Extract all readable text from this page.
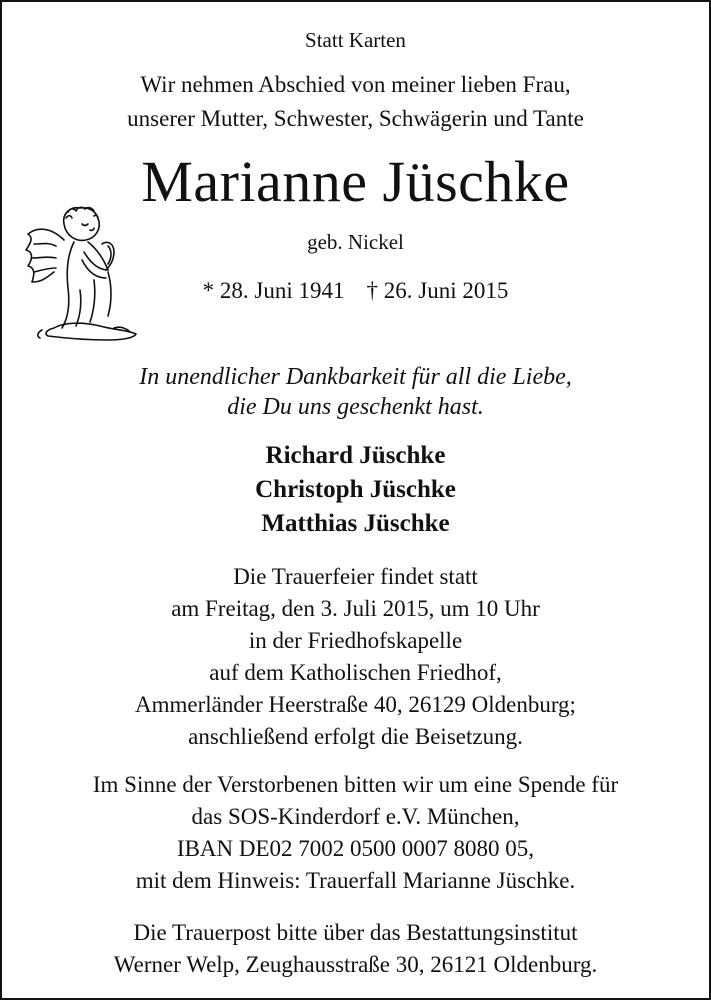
Statt Karten
Wir nehmen Abschied von meiner lieben Frau,
unserer Mutter, Schwester, Schwägerin und Tante
Marianne Jüschke
geb. Nickel
* 28. Juni 1941 † 26. Juni 2015
In unendlicher Dankbarkeit für all die Liebe,
die Du uns geschenkt hast.
Richard Jüschke
Christoph Jüschke
Matthias Jüschke
Die Trauerfeier findet statt
am Freitag, den 3. Juli 2015, um 10 Uhr
in der Friedhofskapelle
auf dem Katholischen Friedhof,
Ammerländer Heerstraße 40, 26129 Oldenburg;
anschließend erfolgt die Beisetzung.
Im Sinne der Verstorbenen bitten wir um eine Spende für
das SOS-Kinderdorf e.V. München,
IBAN DE02 7002 0500 0007 8080 05,
mit dem Hinweis: Trauerfall Marianne Jüschke.
Die Trauerpost bitte über das Bestattungsinstitut
Werner Welp, Zeughausstraße 30, 26121 Oldenburg.
